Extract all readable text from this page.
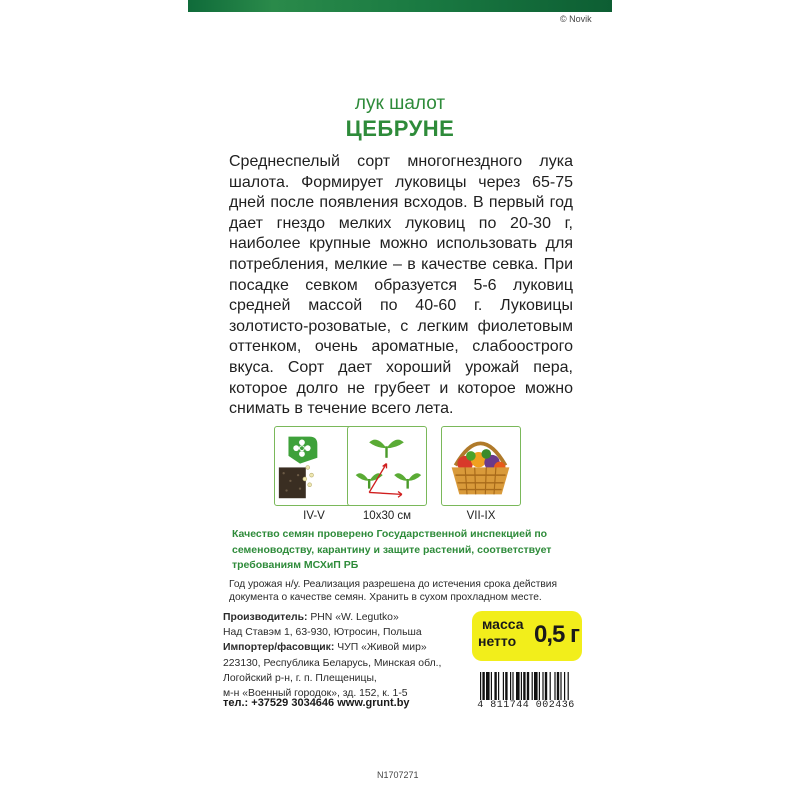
© Novik
лук шалот
ЦЕБРУНЕ

Среднеспелый сорт многогнездного лука шалота. Формирует луковицы через 65-75 дней после появления всходов. В первый год дает гнездо мелких луковиц по 20-30 г, наиболее крупные можно использовать для потребления, мелкие – в качестве севка. При посадке севком образуется 5-6 луковиц средней массой по 40-60 г. Луковицы золотисто-розоватые, с легким фиолетовым оттенком, очень ароматные, слабоострого вкуса. Сорт дает хороший урожай пера, которое долго не грубеет и которое можно снимать в течение всего лета.

IV-V	10x30 см	VII-IX

Качество семян проверено Государственной инспекцией по семеноводству, карантину и защите растений, соответствует требованиям МСХиП РБ

Год урожая н/у. Реализация разрешена до истечения срока действия документа о качестве семян. Хранить в сухом прохладном месте.

Производитель: PHN «W. Legutko»
Над Ставэм 1, 63-930, Ютросин, Польша
Импортер/фасовщик: ЧУП «Живой мир»
223130, Республика Беларусь, Минская обл.,
Логойский р-н, г. п. Плещеницы,
м-н «Военный городок», зд. 152, к. 1-5
масса
нетто 0,5 г
тел.: +37529 3034646 www.grunt.by	4 811744 002436
N1707271
